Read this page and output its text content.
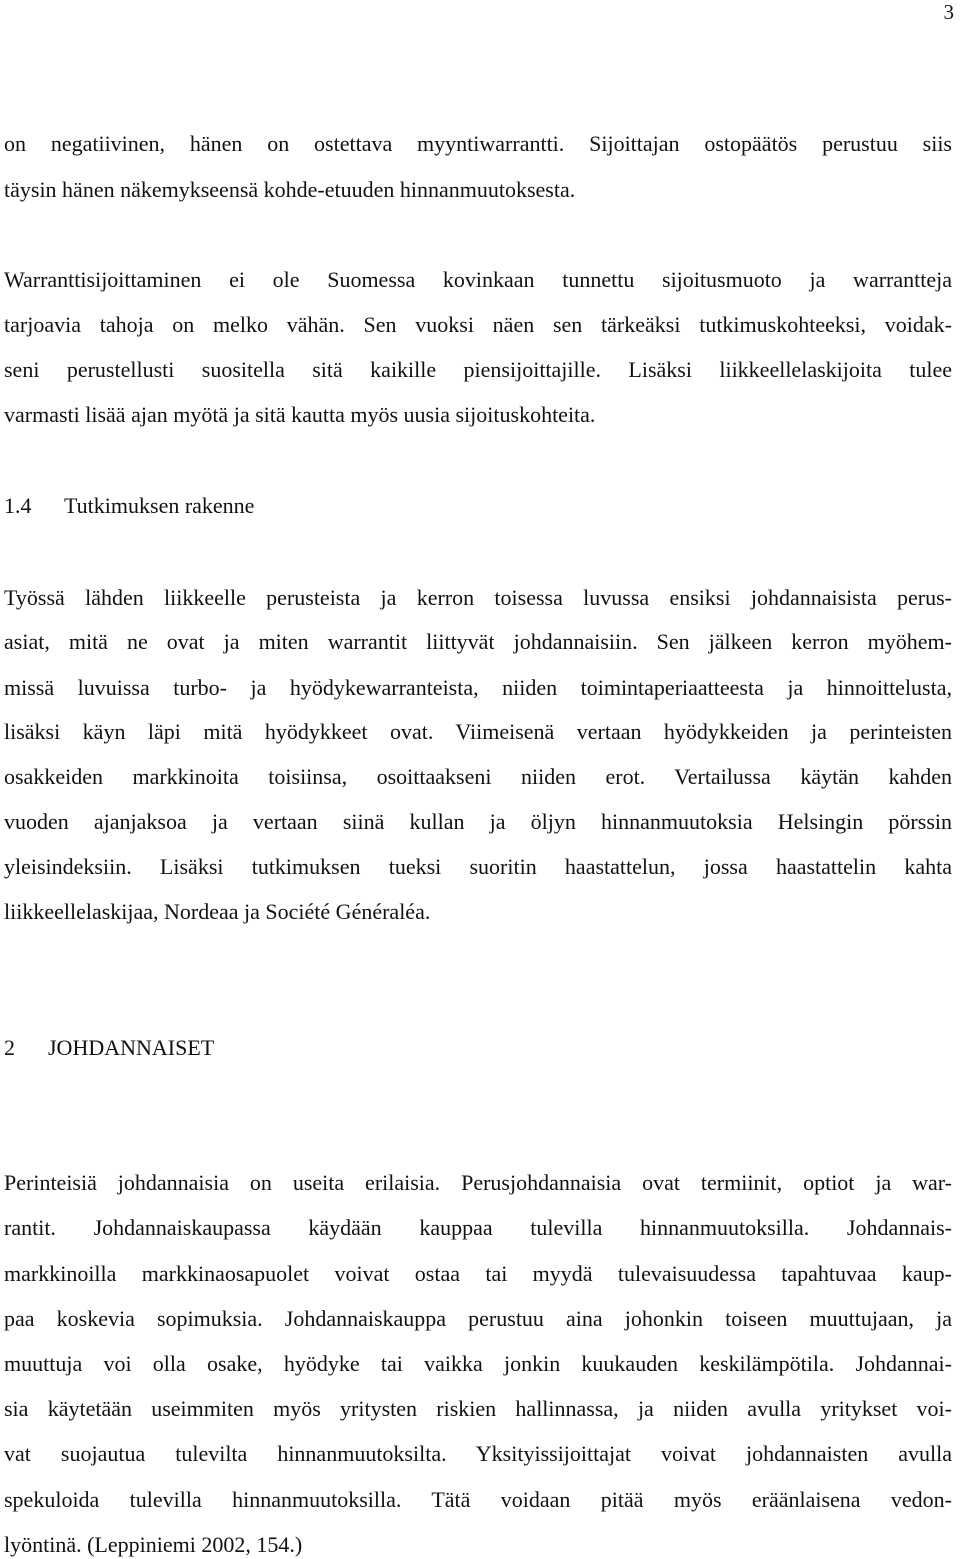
3
on negatiivinen, hänen on ostettava myyntiwarrantti. Sijoittajan ostopäätös perustuu siis
täysin hänen näkemykseensä kohde-etuuden hinnanmuutoksesta.
Warranttisijoittaminen ei ole Suomessa kovinkaan tunnettu sijoitusmuoto ja warrantteja
tarjoavia tahoja on melko vähän. Sen vuoksi näen sen tärkeäksi tutkimuskohteeksi, voidak-
seni perustellusti suositella sitä kaikille piensijoittajille. Lisäksi liikkeellelaskijoita tulee
varmasti lisää ajan myötä ja sitä kautta myös uusia sijoituskohteita.
1.4 Tutkimuksen rakenne
Työssä lähden liikkeelle perusteista ja kerron toisessa luvussa ensiksi johdannaisista perus-
asiat, mitä ne ovat ja miten warrantit liittyvät johdannaisiin. Sen jälkeen kerron myöhem-
missä luvuissa turbo- ja hyödykewarranteista, niiden toimintaperiaatteesta ja hinnoittelusta,
lisäksi käyn läpi mitä hyödykkeet ovat. Viimeisenä vertaan hyödykkeiden ja perinteisten
osakkeiden markkinoita toisiinsa, osoittaakseni niiden erot. Vertailussa käytän kahden
vuoden ajanjaksoa ja vertaan siinä kullan ja öljyn hinnanmuutoksia Helsingin pörssin
yleisindeksiin. Lisäksi tutkimuksen tueksi suoritin haastattelun, jossa haastattelin kahta
liikkeellelaskijaa, Nordeaa ja Société Généraléa.
2 JOHDANNAISET
Perinteisiä johdannaisia on useita erilaisia. Perusjohdannaisia ovat termiinit, optiot ja war-
rantit. Johdannaiskaupassa käydään kauppaa tulevilla hinnanmuutoksilla. Johdannais-
markkinoilla markkinaosapuolet voivat ostaa tai myydä tulevaisuudessa tapahtuvaa kaup-
paa koskevia sopimuksia. Johdannaiskauppa perustuu aina johonkin toiseen muuttujaan, ja
muuttuja voi olla osake, hyödyke tai vaikka jonkin kuukauden keskilämpötila. Johdannai-
sia käytetään useimmiten myös yritysten riskien hallinnassa, ja niiden avulla yritykset voi-
vat suojautua tulevilta hinnanmuutoksilta. Yksityissijoittajat voivat johdannaisten avulla
spekuloida tulevilla hinnanmuutoksilla. Tätä voidaan pitää myös eräänlaisena vedon-
lyöntinä. (Leppiniemi 2002, 154.)
